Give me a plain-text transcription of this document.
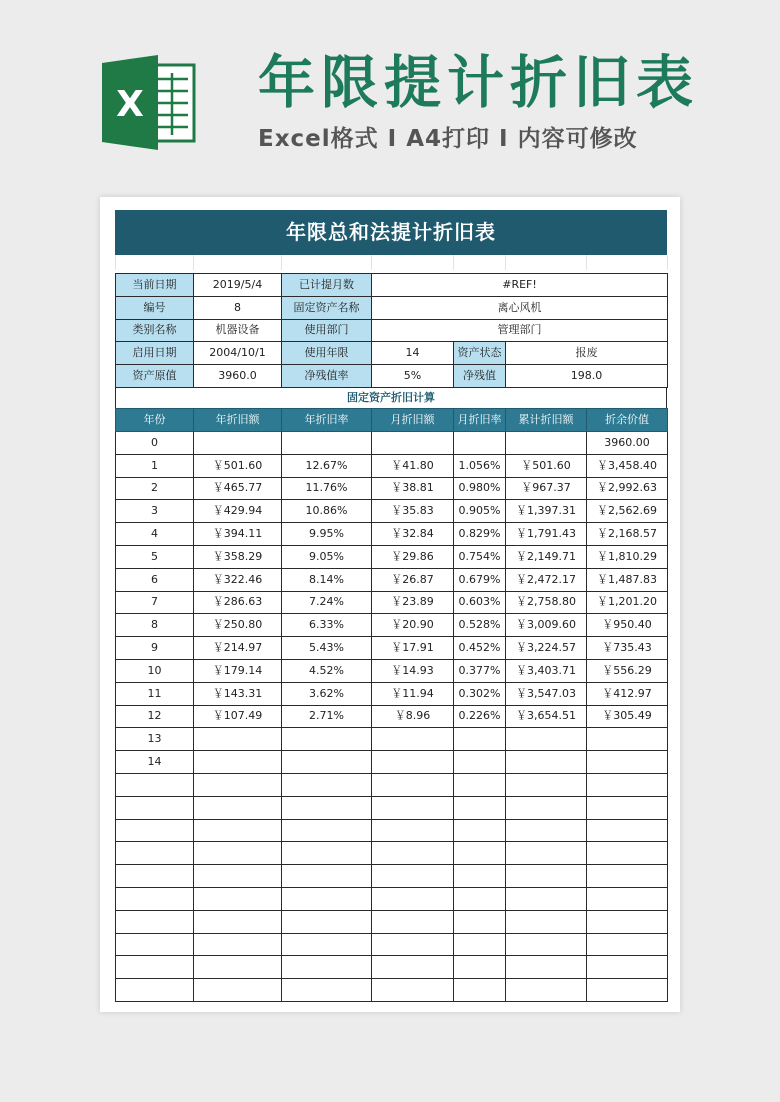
X 年限提计折旧表
Excel格式 I A4打印 I 内容可修改
年限总和法提计折旧表
当前日期	2019/5/4	已计提月数	#REF!		
编号	8	固定资产名称	离心风机		
类别名称	机器设备	使用部门	管理部门		
启用日期	2004/10/1	使用年限	14	资产状态	报废
资产原值	3960.0	净残值率	5%	净残值	198.0
固定资产折旧计算
年份	年折旧额	年折旧率	月折旧额	月折旧率	累计折旧额	折余价值
0						3960.00
1	￥501.60	12.67%	￥41.80	1.056%	￥501.60	￥3,458.40
2	￥465.77	11.76%	￥38.81	0.980%	￥967.37	￥2,992.63
3	￥429.94	10.86%	￥35.83	0.905%	￥1,397.31	￥2,562.69
4	￥394.11	9.95%	￥32.84	0.829%	￥1,791.43	￥2,168.57
5	￥358.29	9.05%	￥29.86	0.754%	￥2,149.71	￥1,810.29
6	￥322.46	8.14%	￥26.87	0.679%	￥2,472.17	￥1,487.83
7	￥286.63	7.24%	￥23.89	0.603%	￥2,758.80	￥1,201.20
8	￥250.80	6.33%	￥20.90	0.528%	￥3,009.60	￥950.40
9	￥214.97	5.43%	￥17.91	0.452%	￥3,224.57	￥735.43
10	￥179.14	4.52%	￥14.93	0.377%	￥3,403.71	￥556.29
11	￥143.31	3.62%	￥11.94	0.302%	￥3,547.03	￥412.97
12	￥107.49	2.71%	￥8.96	0.226%	￥3,654.51	￥305.49
13						
14						
